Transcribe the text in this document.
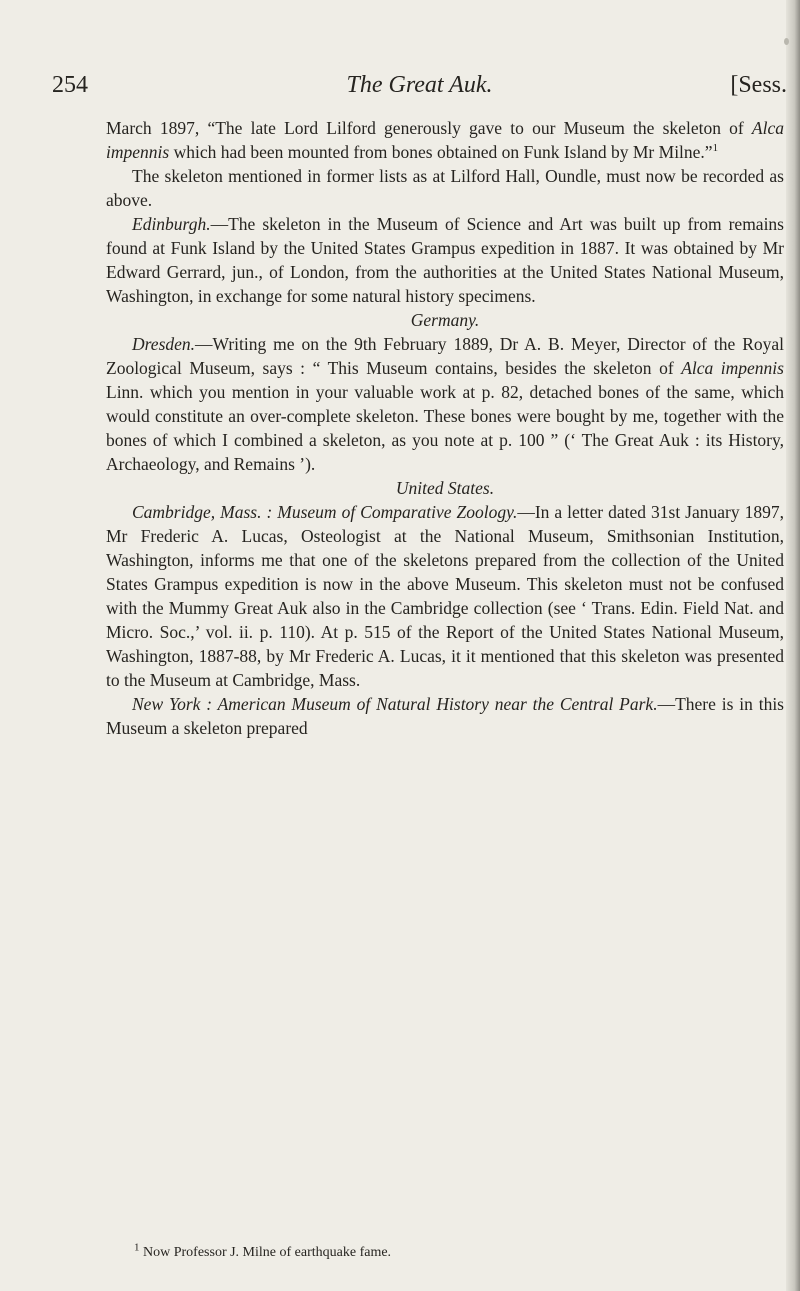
254	The Great Auk.	[Sess.

March 1897, “The late Lord Lilford generously gave to our Museum the skeleton of Alca impennis which had been mounted from bones obtained on Funk Island by Mr Milne.”$^1$

The skeleton mentioned in former lists as at Lilford Hall, Oundle, must now be recorded as above.

Edinburgh.—The skeleton in the Museum of Science and Art was built up from remains found at Funk Island by the United States Grampus expedition in 1887. It was obtained by Mr Edward Gerrard, jun., of London, from the authorities at the United States National Museum, Washington, in exchange for some natural history specimens.

Germany.

Dresden.—Writing me on the 9th February 1889, Dr A. B. Meyer, Director of the Royal Zoological Museum, says : “ This Museum contains, besides the skeleton of Alca impennis Linn. which you mention in your valuable work at p. 82, detached bones of the same, which would constitute an over-complete skeleton. These bones were bought by me, together with the bones of which I combined a skeleton, as you note at p. 100 ” (‘ The Great Auk : its History, Archaeology, and Remains ’).

United States.

Cambridge, Mass. : Museum of Comparative Zoology.—In a letter dated 31st January 1897, Mr Frederic A. Lucas, Osteologist at the National Museum, Smithsonian Institution, Washington, informs me that one of the skeletons prepared from the collection of the United States Grampus expedition is now in the above Museum. This skeleton must not be confused with the Mummy Great Auk also in the Cambridge collection (see ‘ Trans. Edin. Field Nat. and Micro. Soc.,’ vol. ii. p. 110). At p. 515 of the Report of the United States National Museum, Washington, 1887-88, by Mr Frederic A. Lucas, it it mentioned that this skeleton was presented to the Museum at Cambridge, Mass.

New York : American Museum of Natural History near the Central Park.—There is in this Museum a skeleton prepared

$^1$ Now Professor J. Milne of earthquake fame.
